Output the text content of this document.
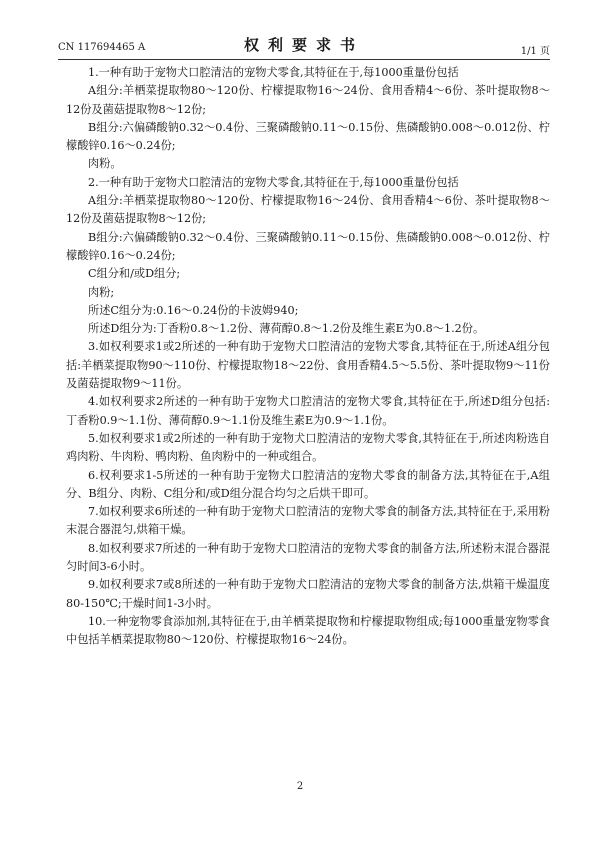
CN 117694465 A	权利要求书	1/1 页

1.一种有助于宠物犬口腔清洁的宠物犬零食,其特征在于,每1000重量份包括

A组分:羊栖菜提取物80～120份、柠檬提取物16～24份、食用香精4～6份、茶叶提取物8～12份及菌菇提取物8～12份;

B组分:六偏磷酸钠0.32～0.4份、三聚磷酸钠0.11～0.15份、焦磷酸钠0.008～0.012份、柠檬酸锌0.16～0.24份;

肉粉。

2.一种有助于宠物犬口腔清洁的宠物犬零食,其特征在于,每1000重量份包括

A组分:羊栖菜提取物80～120份、柠檬提取物16～24份、食用香精4～6份、茶叶提取物8～12份及菌菇提取物8～12份;

B组分:六偏磷酸钠0.32～0.4份、三聚磷酸钠0.11～0.15份、焦磷酸钠0.008～0.012份、柠檬酸锌0.16～0.24份;

C组分和/或D组分;

肉粉;

所述C组分为:0.16～0.24份的卡波姆940;

所述D组分为:丁香粉0.8～1.2份、薄荷醇0.8～1.2份及维生素E为0.8～1.2份。

3.如权利要求1或2所述的一种有助于宠物犬口腔清洁的宠物犬零食,其特征在于,所述A组分包括:羊栖菜提取物90～110份、柠檬提取物18～22份、食用香精4.5～5.5份、茶叶提取物9～11份及菌菇提取物9～11份。

4.如权利要求2所述的一种有助于宠物犬口腔清洁的宠物犬零食,其特征在于,所述D组分包括:丁香粉0.9～1.1份、薄荷醇0.9～1.1份及维生素E为0.9～1.1份。

5.如权利要求1或2所述的一种有助于宠物犬口腔清洁的宠物犬零食,其特征在于,所述肉粉选自鸡肉粉、牛肉粉、鸭肉粉、鱼肉粉中的一种或组合。

6.权利要求1-5所述的一种有助于宠物犬口腔清洁的宠物犬零食的制备方法,其特征在于,A组分、B组分、肉粉、C组分和/或D组分混合均匀之后烘干即可。

7.如权利要求6所述的一种有助于宠物犬口腔清洁的宠物犬零食的制备方法,其特征在于,采用粉末混合器混匀,烘箱干燥。

8.如权利要求7所述的一种有助于宠物犬口腔清洁的宠物犬零食的制备方法,所述粉末混合器混匀时间3-6小时。

9.如权利要求7或8所述的一种有助于宠物犬口腔清洁的宠物犬零食的制备方法,烘箱干燥温度80-150℃;干燥时间1-3小时。

10.一种宠物零食添加剂,其特征在于,由羊栖菜提取物和柠檬提取物组成;每1000重量宠物零食中包括羊栖菜提取物80～120份、柠檬提取物16～24份。

2
